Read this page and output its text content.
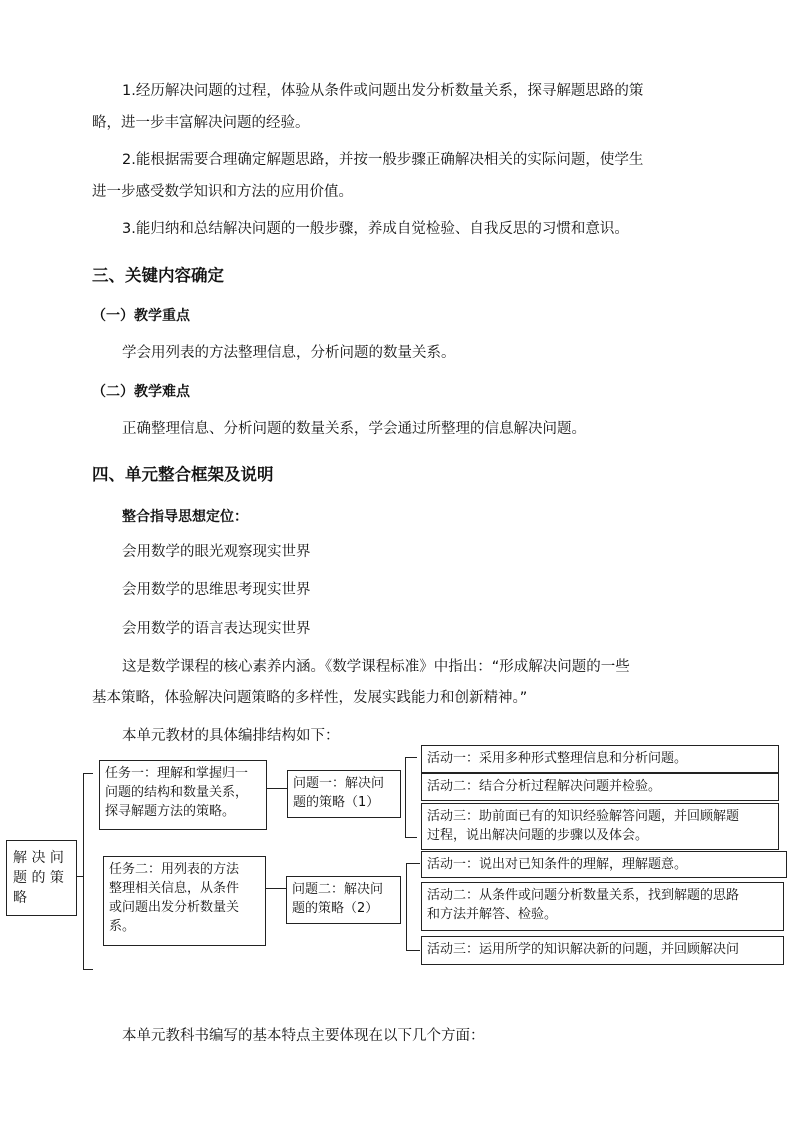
1.经历解决问题的过程，体验从条件或问题出发分析数量关系，探寻解题思路的策
略，进一步丰富解决问题的经验。
2.能根据需要合理确定解题思路，并按一般步骤正确解决相关的实际问题，使学生
进一步感受数学知识和方法的应用价值。
3.能归纳和总结解决问题的一般步骤，养成自觉检验、自我反思的习惯和意识。
三、关键内容确定
（一）教学重点
学会用列表的方法整理信息，分析问题的数量关系。
（二）教学难点
正确整理信息、分析问题的数量关系，学会通过所整理的信息解决问题。
四、单元整合框架及说明
整合指导思想定位：
会用数学的眼光观察现实世界
会用数学的思维思考现实世界
会用数学的语言表达现实世界
这是数学课程的核心素养内涵。《数学课程标准》中指出：“形成解决问题的一些
基本策略，体验解决问题策略的多样性，发展实践能力和创新精神。”
本单元教材的具体编排结构如下：
解 决 问
题 的 策
略
任务一：理解和掌握归一
问题的结构和数量关系，
探寻解题方法的策略。
问题一：解决问
题的策略（1）
活动一：采用多种形式整理信息和分析问题。
活动二：结合分析过程解决问题并检验。
活动三：助前面已有的知识经验解答问题，并回顾解题
过程，说出解决问题的步骤以及体会。
任务二：用列表的方法
整理相关信息，从条件
或问题出发分析数量关
系。
问题二：解决问
题的策略（2）
活动一：说出对已知条件的理解，理解题意。
活动二：从条件或问题分析数量关系，找到解题的思路
和方法并解答、检验。
活动三：运用所学的知识解决新的问题，并回顾解决问
本单元教科书编写的基本特点主要体现在以下几个方面：
